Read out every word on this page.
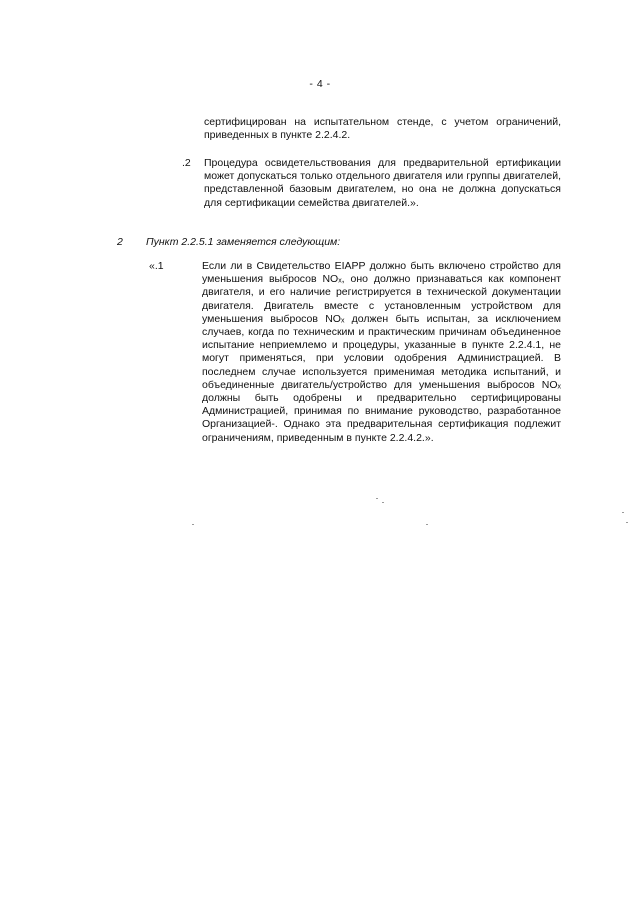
- 4 -

сертифицирован на испытательном стенде, с учетом ограничений, приведенных в пункте 2.2.4.2.

.2 Процедура освидетельствования для предварительной ертификации может допускаться только отдельного двигателя или группы двигателей, представленной базовым двигателем, но она не должна допускаться для сертификации семейства двигателей.».

2 Пункт 2.2.5.1 заменяется следующим:
«.1	Если ли в Свидетельство EIAPP должно быть включено стройство для уменьшения выбросов NOₓ, оно должно признаваться как компонент двигателя, и его наличие регистрируется в технической документации двигателя. Двигатель вместе с установленным устройством для уменьшения выбросов NOₓ должен быть испытан, за исключением случаев, когда по техническим и практическим причинам объединенное испытание неприемлемо и процедуры, указанные в пункте 2.2.4.1, не могут применяться, при условии одобрения Администрацией. В последнем случае используется применимая методика испытаний, и объединенные двигатель/устройство для уменьшения выбросов NOₓ должны быть одобрены и предварительно сертифицированы Администрацией, принимая по внимание руководство, разработанное Организацией-. Однако эта предварительная сертификация подлежит ограничениям, приведенным в пункте 2.2.4.2.».
